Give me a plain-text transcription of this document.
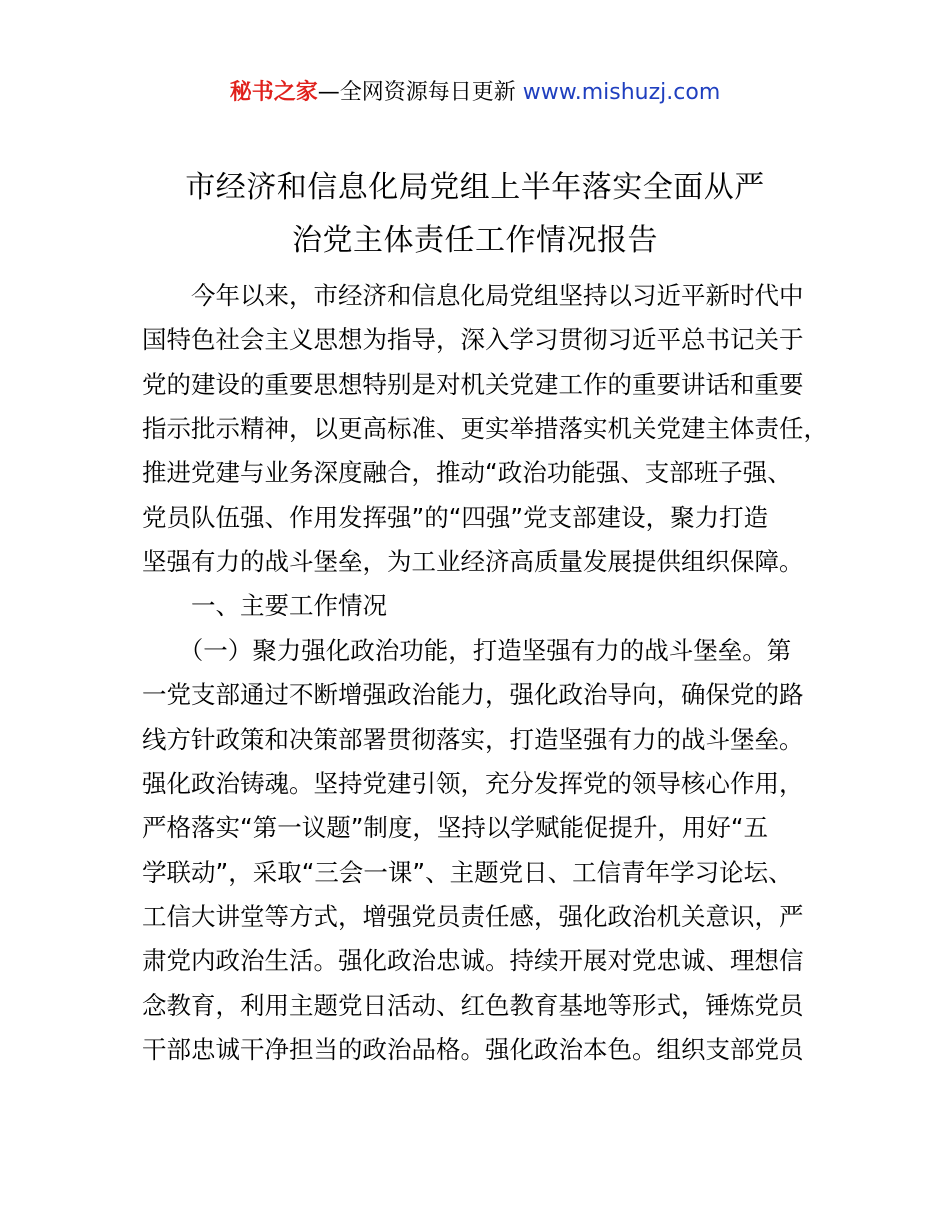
秘书之家—全网资源每日更新 www.mishuzj.com
市经济和信息化局党组上半年落实全面从严
治党主体责任工作情况报告
　　今年以来，市经济和信息化局党组坚持以习近平新时代中
国特色社会主义思想为指导，深入学习贯彻习近平总书记关于
党的建设的重要思想特别是对机关党建工作的重要讲话和重要
指示批示精神，以更高标准、更实举措落实机关党建主体责任，
推进党建与业务深度融合，推动“政治功能强、支部班子强、
党员队伍强、作用发挥强”的“四强”党支部建设，聚力打造
坚强有力的战斗堡垒，为工业经济高质量发展提供组织保障。
　　一、主要工作情况
　　（一）聚力强化政治功能，打造坚强有力的战斗堡垒。第
一党支部通过不断增强政治能力，强化政治导向，确保党的路
线方针政策和决策部署贯彻落实，打造坚强有力的战斗堡垒。
强化政治铸魂。坚持党建引领，充分发挥党的领导核心作用，
严格落实“第一议题”制度，坚持以学赋能促提升，用好“五
学联动”，采取“三会一课”、主题党日、工信青年学习论坛、
工信大讲堂等方式，增强党员责任感，强化政治机关意识，严
肃党内政治生活。强化政治忠诚。持续开展对党忠诚、理想信
念教育，利用主题党日活动、红色教育基地等形式，锤炼党员
干部忠诚干净担当的政治品格。强化政治本色。组织支部党员
